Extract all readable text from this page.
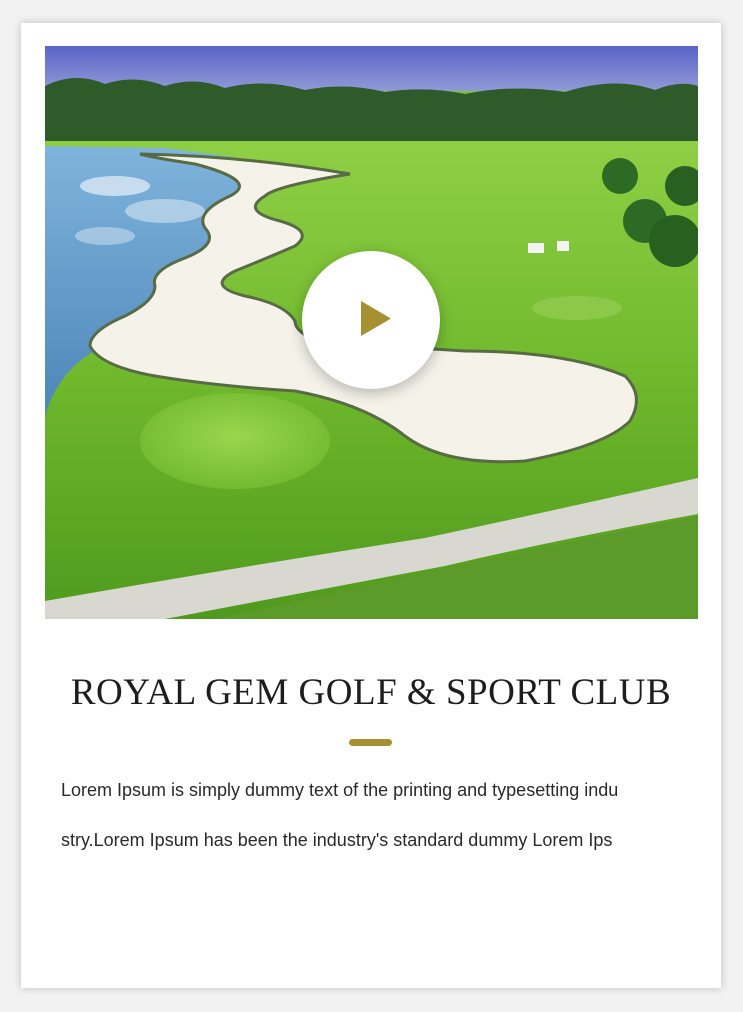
ROYAL GEM GOLF & SPORT CLUB

Lorem Ipsum is simply dummy text of the printing and typesetting indu

stry.Lorem Ipsum has been the industry's standard dummy Lorem Ips
